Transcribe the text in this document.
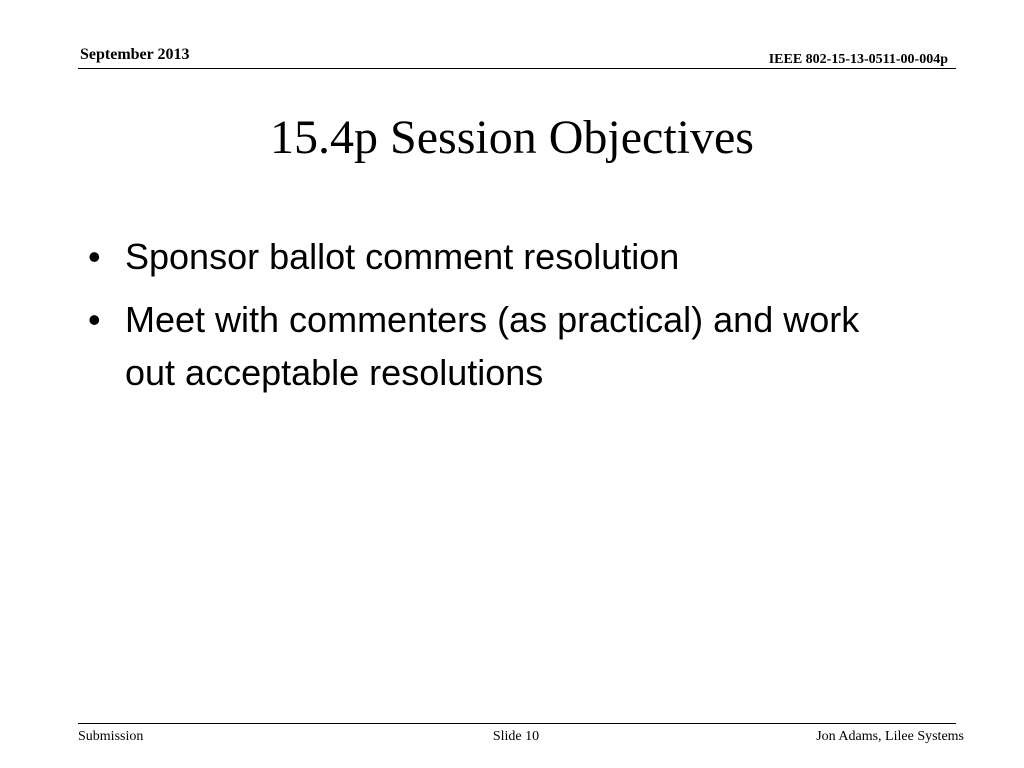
September 2013	IEEE 802-15-13-0511-00-004p
15.4p Session Objectives
• Sponsor ballot comment resolution
• Meet with commenters (as practical) and work out acceptable resolutions
Submission	Slide 10	Jon Adams, Lilee Systems
